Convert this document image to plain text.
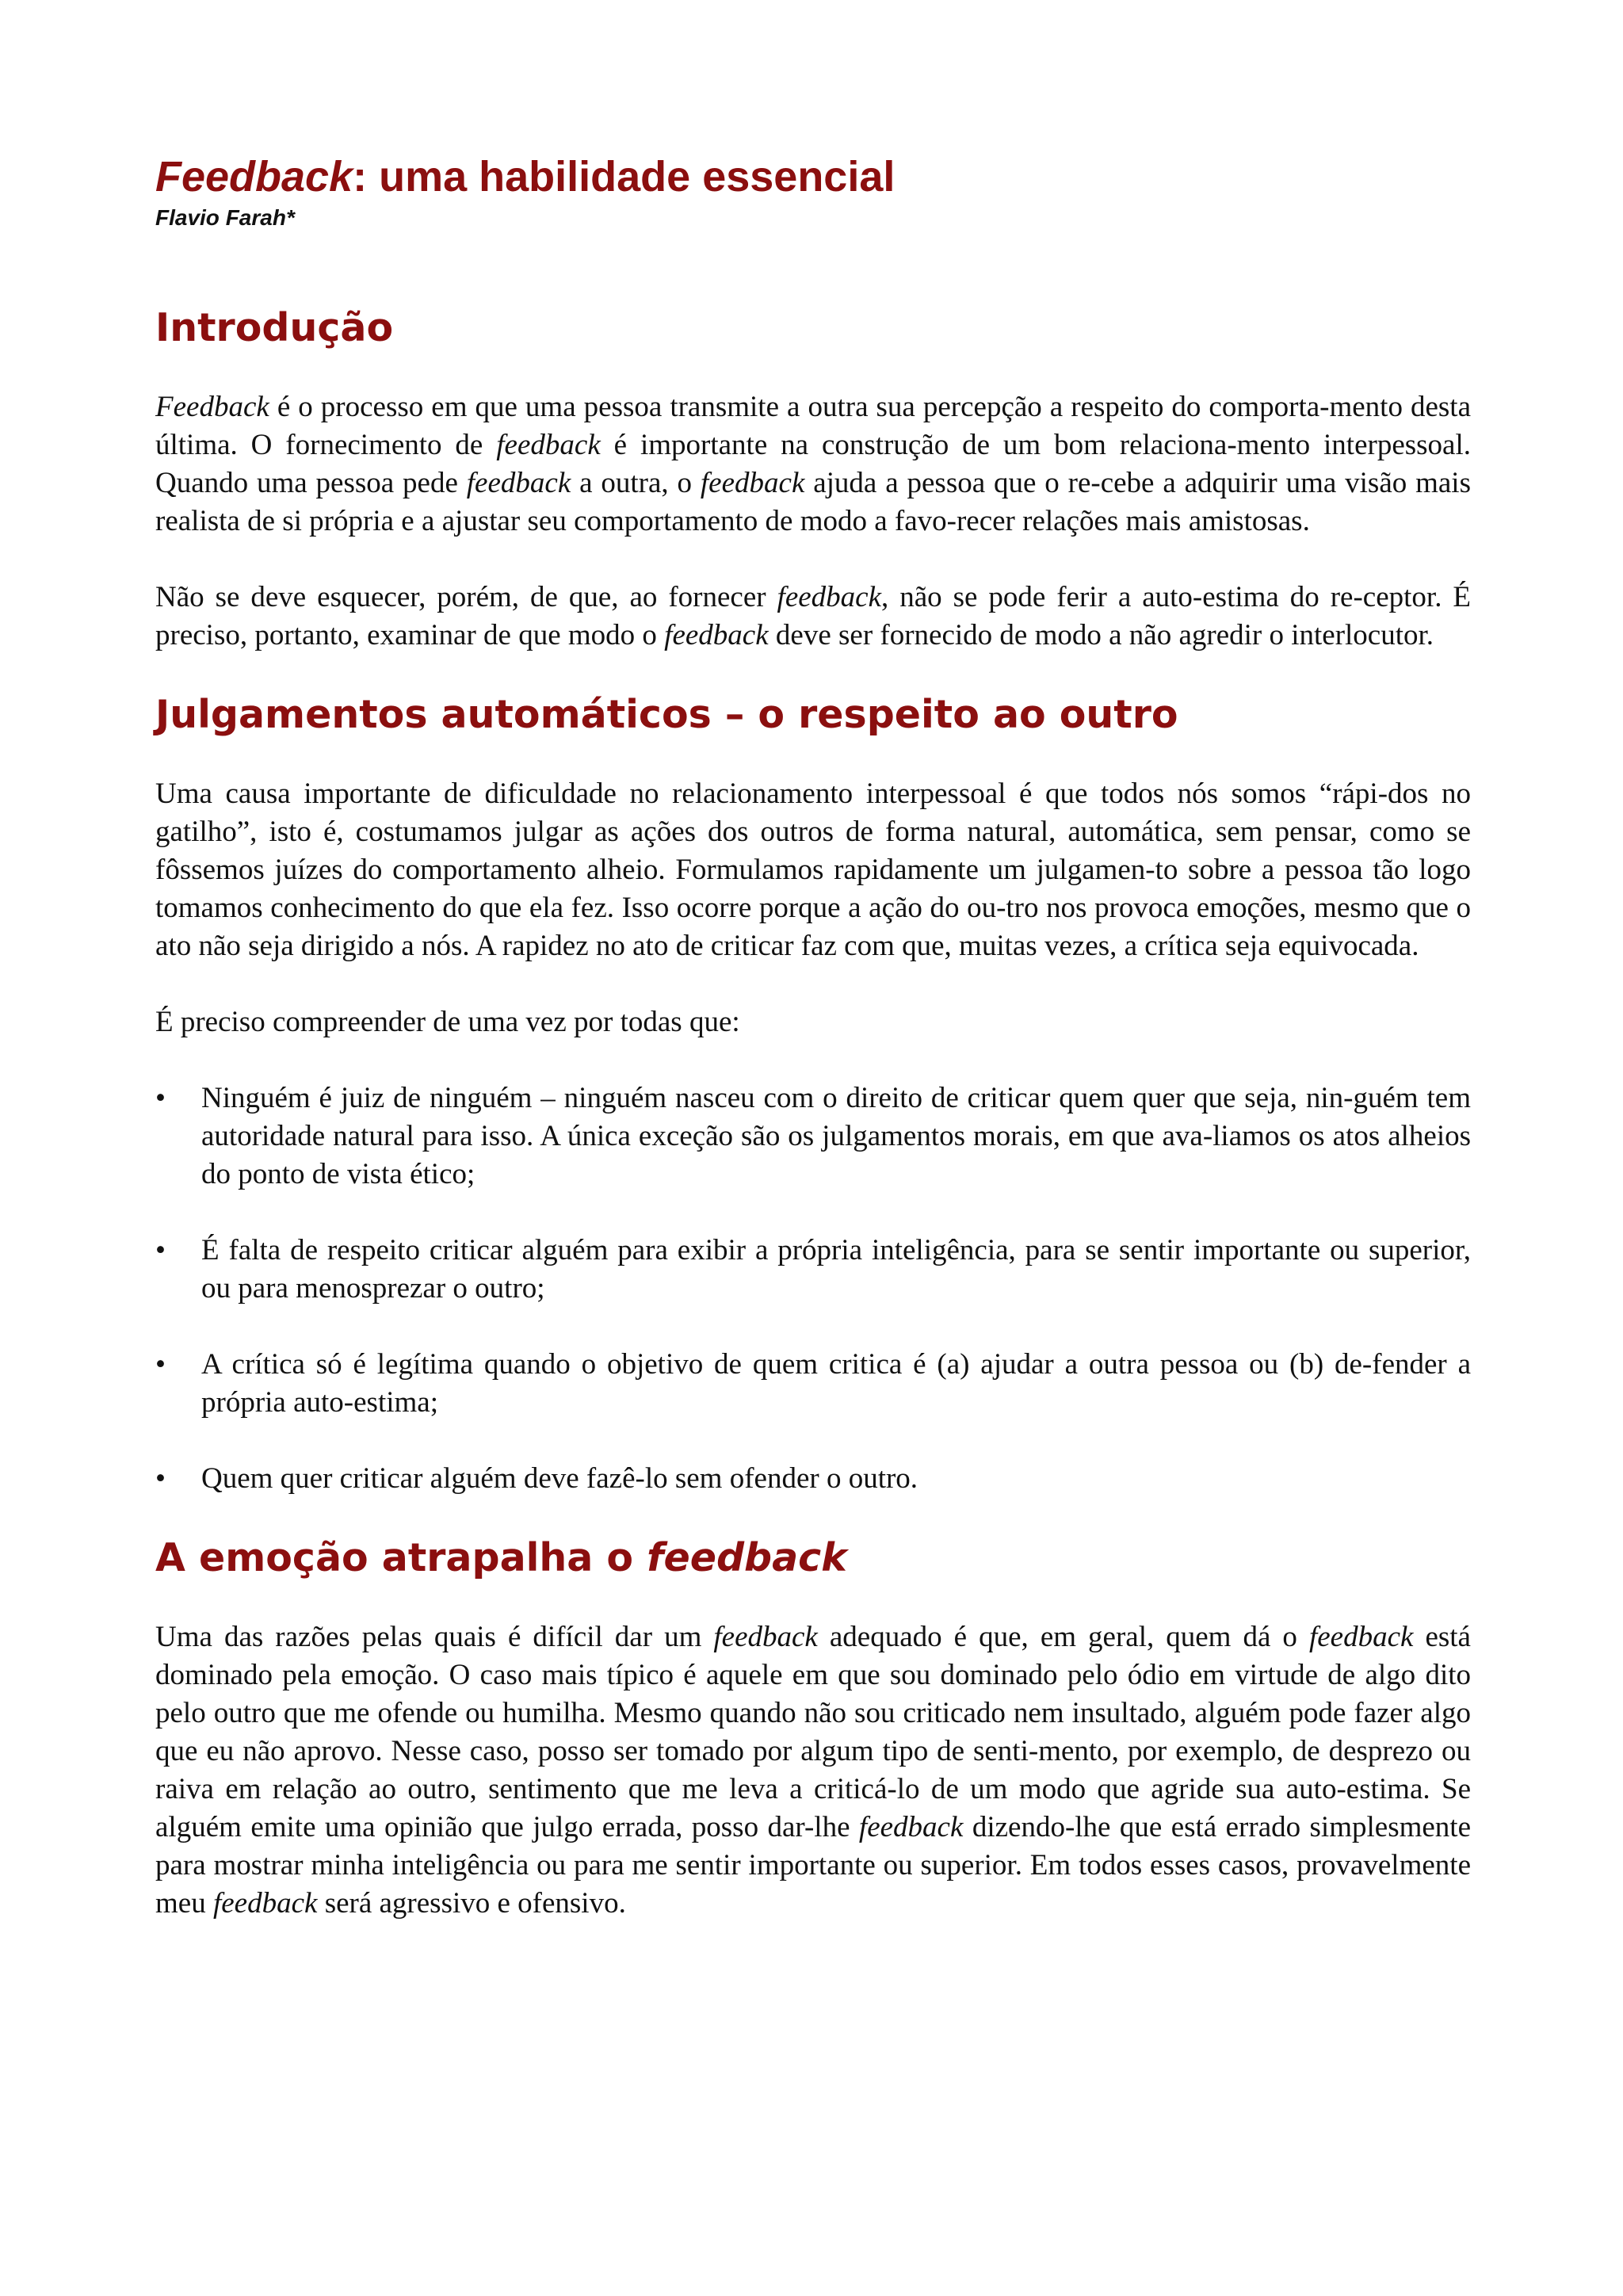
Feedback: uma habilidade essencial
Flavio Farah*
Introdução

Feedback é o processo em que uma pessoa transmite a outra sua percepção a respeito do comporta-mento desta última. O fornecimento de feedback é importante na construção de um bom relaciona-mento interpessoal. Quando uma pessoa pede feedback a outra, o feedback ajuda a pessoa que o re-cebe a adquirir uma visão mais realista de si própria e a ajustar seu comportamento de modo a favo-recer relações mais amistosas.

Não se deve esquecer, porém, de que, ao fornecer feedback, não se pode ferir a auto-estima do re-ceptor. É preciso, portanto, examinar de que modo o feedback deve ser fornecido de modo a não agredir o interlocutor.

Julgamentos automáticos – o respeito ao outro

Uma causa importante de dificuldade no relacionamento interpessoal é que todos nós somos “rápi-dos no gatilho”, isto é, costumamos julgar as ações dos outros de forma natural, automática, sem pensar, como se fôssemos juízes do comportamento alheio. Formulamos rapidamente um julgamen-to sobre a pessoa tão logo tomamos conhecimento do que ela fez. Isso ocorre porque a ação do ou-tro nos provoca emoções, mesmo que o ato não seja dirigido a nós. A rapidez no ato de criticar faz com que, muitas vezes, a crítica seja equivocada.

É preciso compreender de uma vez por todas que:

• Ninguém é juiz de ninguém – ninguém nasceu com o direito de criticar quem quer que seja, nin-guém tem autoridade natural para isso. A única exceção são os julgamentos morais, em que ava-liamos os atos alheios do ponto de vista ético;
• É falta de respeito criticar alguém para exibir a própria inteligência, para se sentir importante ou superior, ou para menosprezar o outro;
• A crítica só é legítima quando o objetivo de quem critica é (a) ajudar a outra pessoa ou (b) de-fender a própria auto-estima;
• Quem quer criticar alguém deve fazê-lo sem ofender o outro.
A emoção atrapalha o feedback

Uma das razões pelas quais é difícil dar um feedback adequado é que, em geral, quem dá o feedback está dominado pela emoção. O caso mais típico é aquele em que sou dominado pelo ódio em virtude de algo dito pelo outro que me ofende ou humilha. Mesmo quando não sou criticado nem insultado, alguém pode fazer algo que eu não aprovo. Nesse caso, posso ser tomado por algum tipo de senti-mento, por exemplo, de desprezo ou raiva em relação ao outro, sentimento que me leva a criticá-lo de um modo que agride sua auto-estima. Se alguém emite uma opinião que julgo errada, posso dar-lhe feedback dizendo-lhe que está errado simplesmente para mostrar minha inteligência ou para me sentir importante ou superior. Em todos esses casos, provavelmente meu feedback será agressivo e ofensivo.
